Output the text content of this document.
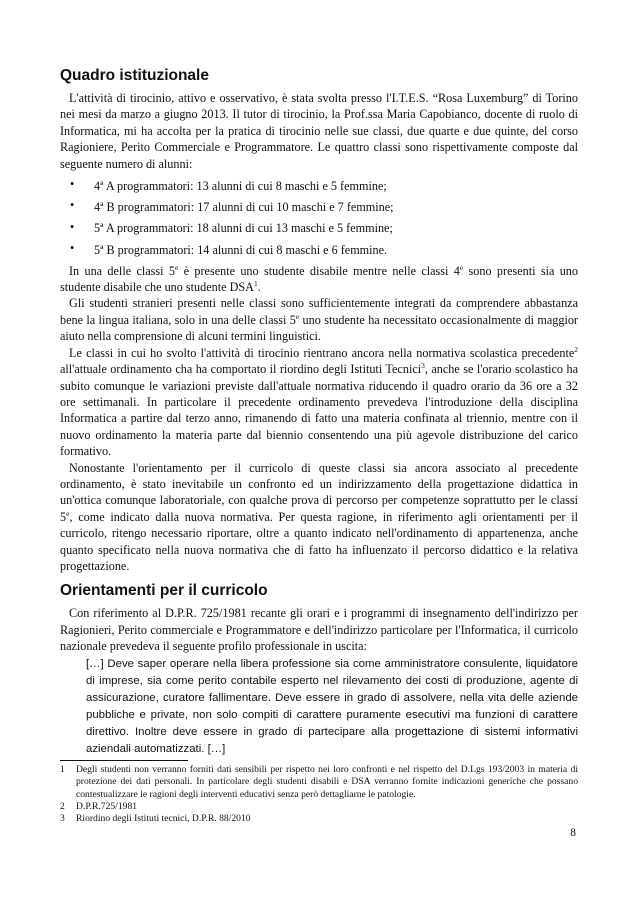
Quadro istituzionale

L'attività di tirocinio, attivo e osservativo, è stata svolta presso l'I.T.E.S. “Rosa Luxemburg” di Torino nei mesi da marzo a giugno 2013. Il tutor di tirocinio, la Prof.ssa Maria Capobianco, docente di ruolo di Informatica, mi ha accolta per la pratica di tirocinio nelle sue classi, due quarte e due quinte, del corso Ragioniere, Perito Commerciale e Programmatore. Le quattro classi sono rispettivamente composte dal seguente numero di alunni:

• 4ª A programmatori: 13 alunni di cui 8 maschi e 5 femmine;
• 4ª B programmatori: 17 alunni di cui 10 maschi e 7 femmine;
• 5ª A programmatori: 18 alunni di cui 13 maschi e 5 femmine;
• 5ª B programmatori: 14 alunni di cui 8 maschi e 6 femmine.

In una delle classi 5e è presente uno studente disabile mentre nelle classi 4e sono presenti sia uno studente disabile che uno studente DSA$^1$.

Gli studenti stranieri presenti nelle classi sono sufficientemente integrati da comprendere abbastanza bene la lingua italiana, solo in una delle classi 5e uno studente ha necessitato occasionalmente di maggior aiuto nella comprensione di alcuni termini linguistici.

Le classi in cui ho svolto l'attività di tirocinio rientrano ancora nella normativa scolastica precedente$^2$ all'attuale ordinamento cha ha comportato il riordino degli Istituti Tecnici$^3$, anche se l'orario scolastico ha subito comunque le variazioni previste dall'attuale normativa riducendo il quadro orario da 36 ore a 32 ore settimanali. In particolare il precedente ordinamento prevedeva l'introduzione della disciplina Informatica a partire dal terzo anno, rimanendo di fatto una materia confinata al triennio, mentre con il nuovo ordinamento la materia parte dal biennio consentendo una più agevole distribuzione del carico formativo.

Nonostante l'orientamento per il curricolo di queste classi sia ancora associato al precedente ordinamento, è stato inevitabile un confronto ed un indirizzamento della progettazione didattica in un'ottica comunque laboratoriale, con qualche prova di percorso per competenze soprattutto per le classi 5e, come indicato dalla nuova normativa. Per questa ragione, in riferimento agli orientamenti per il curricolo, ritengo necessario riportare, oltre a quanto indicato nell'ordinamento di appartenenza, anche quanto specificato nella nuova normativa che di fatto ha influenzato il percorso didattico e la relativa progettazione.

Orientamenti per il curricolo

Con riferimento al D.P.R. 725/1981 recante gli orari e i programmi di insegnamento dell'indirizzo per Ragionieri, Perito commerciale e Programmatore e dell'indirizzo particolare per l'Informatica, il curricolo nazionale prevedeva il seguente profilo professionale in uscita:

[…] Deve saper operare nella libera professione sia come amministratore consulente, liquidatore di imprese, sia come perito contabile esperto nel rilevamento dei costi di produzione, agente di assicurazione, curatore fallimentare. Deve essere in grado di assolvere, nella vita delle aziende pubbliche e private, non solo compiti di carattere puramente esecutivi ma funzioni di carattere direttivo. Inoltre deve essere in grado di partecipare alla progettazione di sistemi informativi aziendali automatizzati. […]
1 Degli studenti non verranno forniti dati sensibili per rispetto nei loro confronti e nel rispetto del D.Lgs 193/2003 in materia di protezione dei dati personali. In particolare degli studenti disabili e DSA verranno fornite indicazioni generiche che possano contestualizzare le ragioni degli interventi educativi senza però dettagliarne le patologie.
2 D.P.R.725/1981
3 Riordino degli Istituti tecnici, D.P.R. 88/2010
8
